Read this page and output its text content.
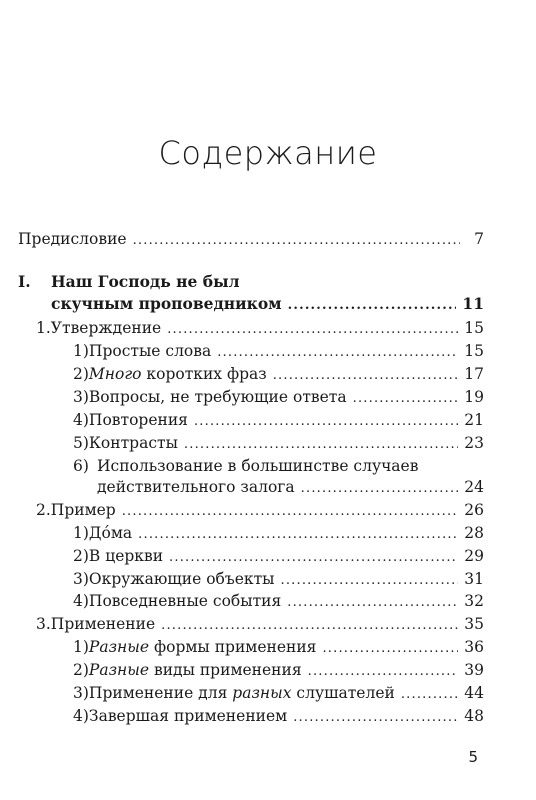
Содержание
Предисловие .....	7
I.	Наш Господь не был
скучным проповедником .....	11
1. Утверждение .....	15
1) Простые слова .....	15
2) Много коротких фраз .....	17
3) Вопросы, не требующие ответа .....	19
4) Повторения .....	21
5) Контрасты .....	23
6) Использование в большинстве случаев
действительного залога .....	24
2. Пример .....	26
1) До́ма .....	28
2) В церкви .....	29
3) Окружающие объекты .....	31
4) Повседневные события .....	32
3. Применение .....	35
1) Разные формы применения .....	36
2) Разные виды применения .....	39
3) Применение для разных слушателей .....	44
4) Завершая применением .....	48
5
